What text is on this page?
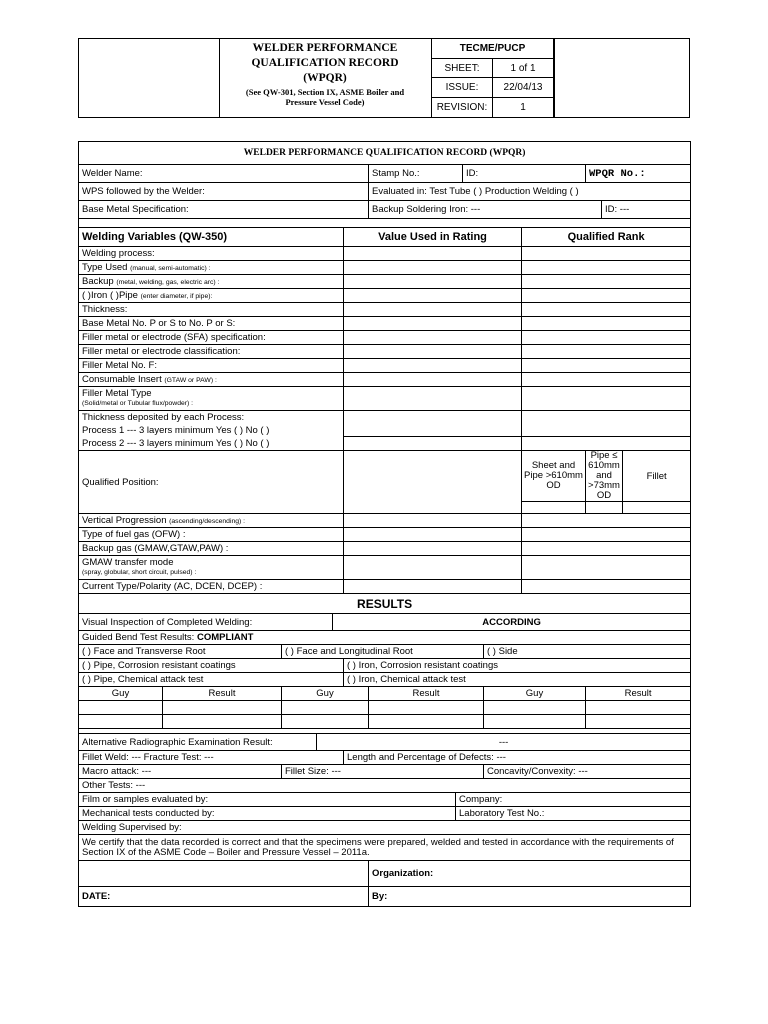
WELDER PERFORMANCE
QUALIFICATION RECORD
(WPQR)
(See QW-301, Section IX, ASME Boiler and Pressure Vessel Code)
TECME/PUCP	
SHEET:	1 of 1
ISSUE:	22/04/13
REVISION:	1
WELDER PERFORMANCE QUALIFICATION RECORD (WPQR)													
Welder Name:						Stamp No.:		ID:			WPQR No.:		
WPS followed by the Welder:						Evaluated in: Test Tube ( ) Production Welding ( )							
Base Metal Specification:						Backup Soldering Iron: ---						ID: ---	

Welding Variables (QW-350)					Value Used in Rating					Qualified Rank			
Welding process:													
Type Used (manual, semi-automatic) :													
Backup (metal, welding, gas, electric arc) :													
( )Iron ( )Pipe (enter diameter, if pipe):													
Thickness:													
Base Metal No. P or S to No. P or S:													
Filler metal or electrode (SFA) specification:													
Filler metal or electrode classification:													
Filler Metal No. F:													
Consumable Insert (GTAW or PAW) :													

Filler Metal Type
(Solid/metal or Tubular flux/powder) :													

Thickness deposited by each Process:													
Process 1 --- 3 layers minimum Yes ( ) No ( )													
Process 2 --- 3 layers minimum Yes ( ) No ( )													
Qualified Position:										Sheet and Pipe >610mm OD	Pipe ≤ 610mm and >73mm OD		Fillet

Vertical Progression (ascending/descending) :													
Type of fuel gas (OFW) :													
Backup gas (GMAW,GTAW,PAW) :													

GMAW transfer mode
(spray, globular, short circuit, pulsed) :													

Current Type/Polarity (AC, DCEN, DCEP) :													
RESULTS													
Visual Inspection of Completed Welding:				ACCORDING									
Guided Bend Test Results: COMPLIANT													
( ) Face and Transverse Root		( ) Face and Longitudinal Root							( ) Side				
( ) Pipe, Corrosion resistant coatings					( ) Iron, Corrosion resistant coatings								
( ) Pipe, Chemical attack test					( ) Iron, Chemical attack test								
Guy	Result	Guy				Result			Guy		Result		

Alternative Radiographic Examination Result:			---										
Fillet Weld: --- Fracture Test: ---					Length and Percentage of Defects: ---								
Macro attack: ---		Fillet Size: ---							Concavity/Convexity: ---				
Other Tests: ---													
Film or samples evaluated by:							Company:						
Mechanical tests conducted by:							Laboratory Test No.:						
Welding Supervised by:													
We certify that the data recorded is correct and that the specimens were prepared, welded and tested in accordance with the requirements of Section IX of the ASME Code – Boiler and Pressure Vessel – 2011a.													
						Organization:							
DATE:						By:							
